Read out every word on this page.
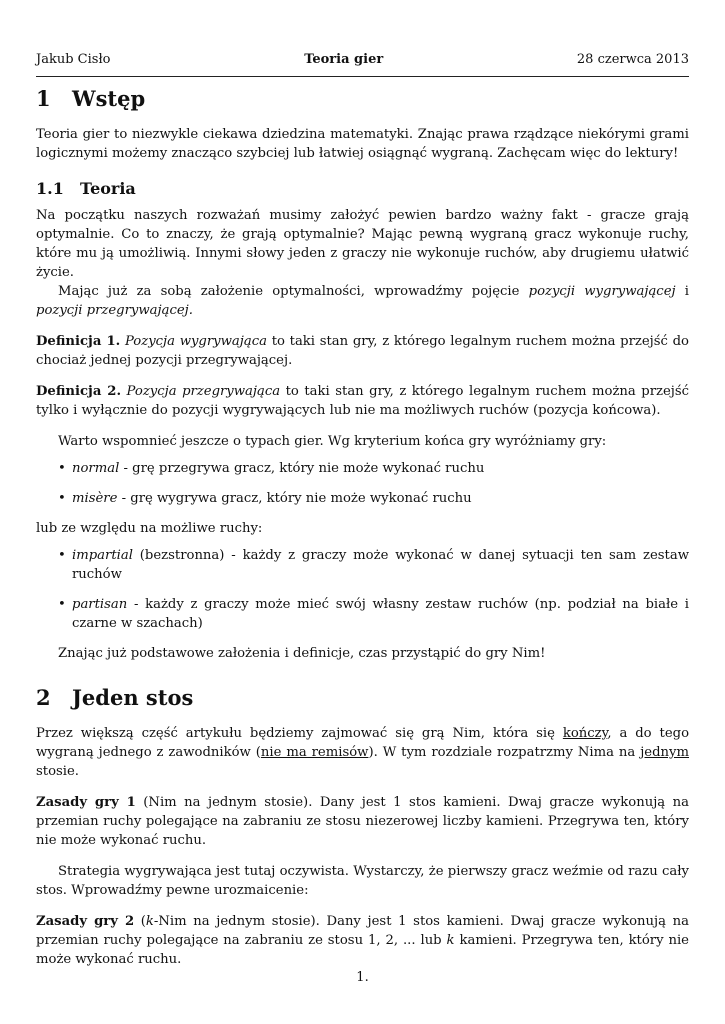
Jakub Cisło	Teoria gier	28 czerwca 2013
1 Wstęp

Teoria gier to niezwykle ciekawa dziedzina matematyki. Znając prawa rządzące niekórymi grami logicznymi możemy znacząco szybciej lub łatwiej osiągnąć wygraną. Zachęcam więc do lektury!

1.1 Teoria

Na początku naszych rozważań musimy założyć pewien bardzo ważny fakt - gracze grają optymalnie. Co to znaczy, że grają optymalnie? Mając pewną wygraną gracz wykonuje ruchy, które mu ją umożliwią. Innymi słowy jeden z graczy nie wykonuje ruchów, aby drugiemu ułatwić życie.

Mając już za sobą założenie optymalności, wprowadźmy pojęcie pozycji wygrywającej i pozycji przegrywającej.

Definicja 1. Pozycja wygrywająca to taki stan gry, z którego legalnym ruchem można przejść do chociaż jednej pozycji przegrywającej.

Definicja 2. Pozycja przegrywająca to taki stan gry, z którego legalnym ruchem można przejść tylko i wyłącznie do pozycji wygrywających lub nie ma możliwych ruchów (pozycja końcowa).

Warto wspomnieć jeszcze o typach gier. Wg kryterium końca gry wyróżniamy gry:

• normal - grę przegrywa gracz, który nie może wykonać ruchu
• misère - grę wygrywa gracz, który nie może wykonać ruchu

lub ze względu na możliwe ruchy:

• impartial (bezstronna) - każdy z graczy może wykonać w danej sytuacji ten sam zestaw ruchów
• partisan - każdy z graczy może mieć swój własny zestaw ruchów (np. podział na białe i czarne w szachach)

Znając już podstawowe założenia i definicje, czas przystąpić do gry Nim!

2 Jeden stos

Przez większą część artykułu będziemy zajmować się grą Nim, która się kończy, a do tego wygraną jednego z zawodników (nie ma remisów). W tym rozdziale rozpatrzmy Nima na jednym stosie.

Zasady gry 1 (Nim na jednym stosie). Dany jest 1 stos kamieni. Dwaj gracze wykonują na przemian ruchy polegające na zabraniu ze stosu niezerowej liczby kamieni. Przegrywa ten, który nie może wykonać ruchu.

Strategia wygrywająca jest tutaj oczywista. Wystarczy, że pierwszy gracz weźmie od razu cały stos. Wprowadźmy pewne urozmaicenie:

Zasady gry 2 (k-Nim na jednym stosie). Dany jest 1 stos kamieni. Dwaj gracze wykonują na przemian ruchy polegające na zabraniu ze stosu 1, 2, ... lub k kamieni. Przegrywa ten, który nie może wykonać ruchu.

1.
